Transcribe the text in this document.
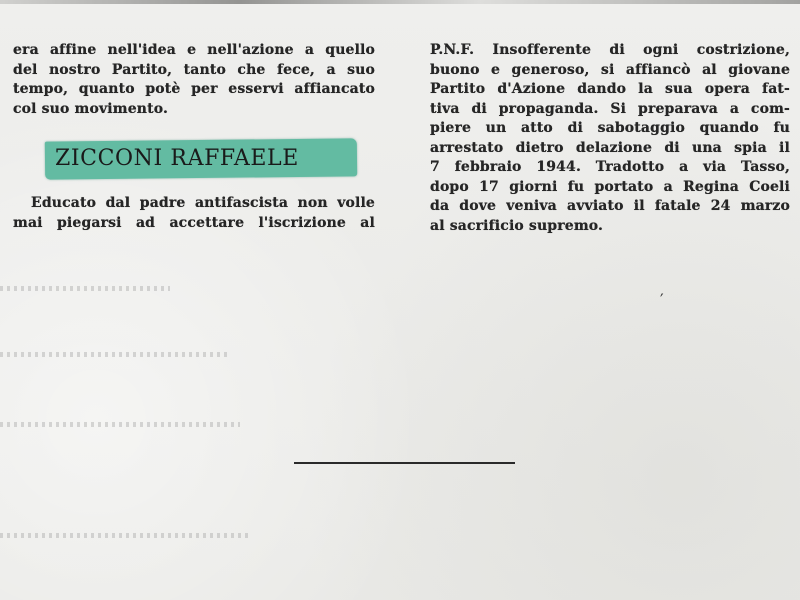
era affine nell'idea e nell'azione a quello
del nostro Partito, tanto che fece, a suo
tempo, quanto potè per esservi affiancato
col suo movimento.
ZICCONI RAFFAELE
Educato dal padre antifascista non volle
mai piegarsi ad accettare l'iscrizione al
P.N.F. Insofferente di ogni costrizione,
buono e generoso, si affiancò al giovane
Partito d'Azione dando la sua opera fat-
tiva di propaganda. Si preparava a com-
piere un atto di sabotaggio quando fu
arrestato dietro delazione di una spia il
7 febbraio 1944. Tradotto a via Tasso,
dopo 17 giorni fu portato a Regina Coeli
da dove veniva avviato il fatale 24 marzo
al sacrificio supremo.
′
